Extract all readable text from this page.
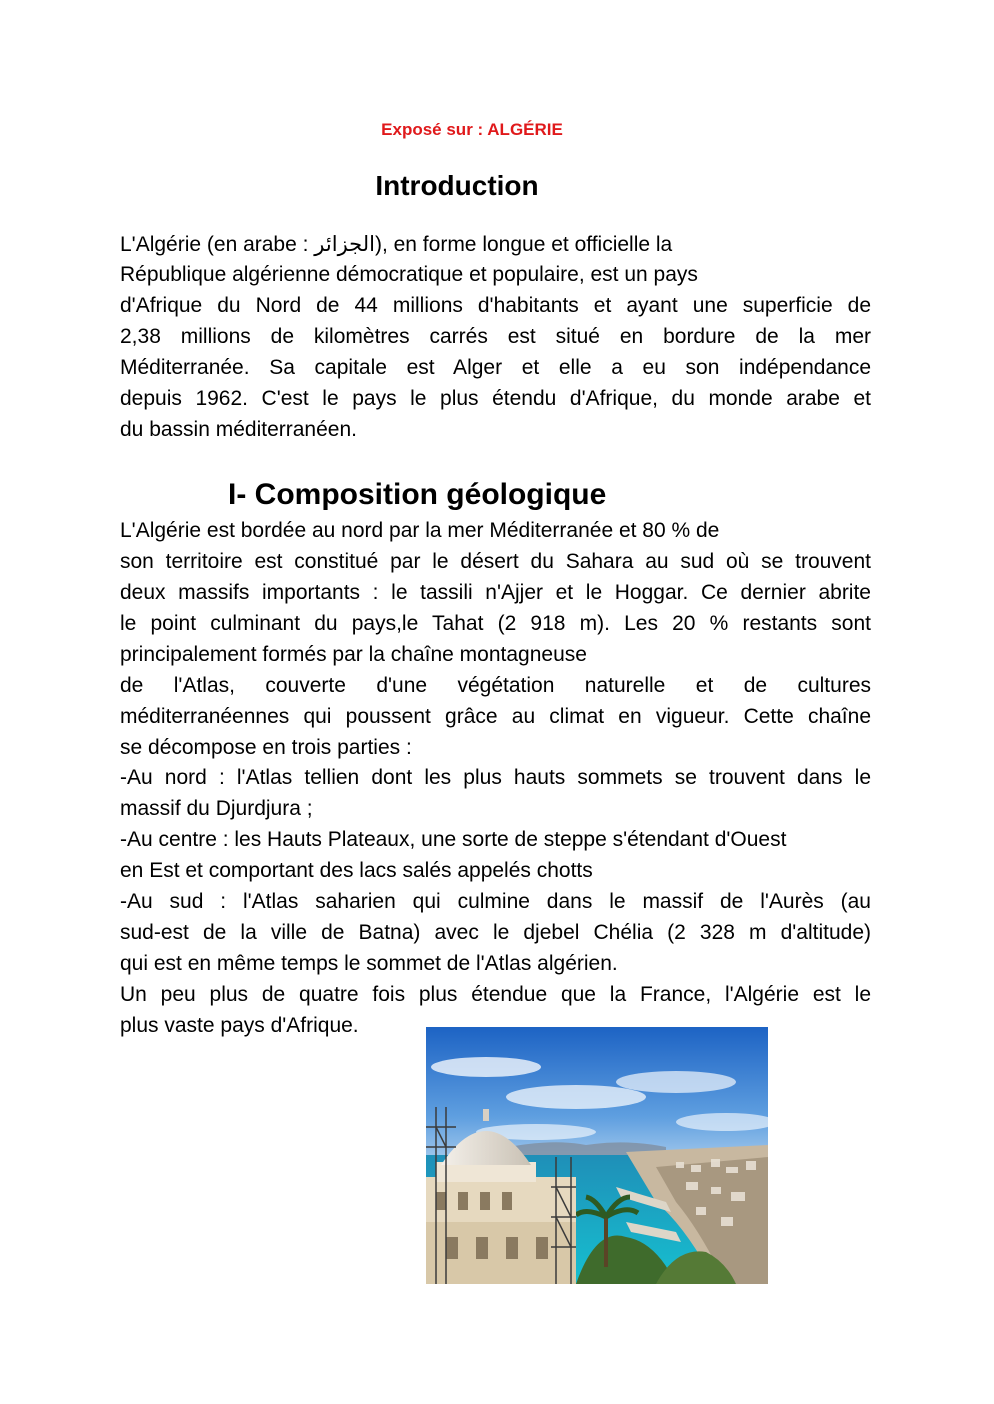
Exposé sur : ALGÉRIE
Introduction
L'Algérie (en arabe : الجزائر), en forme longue et officielle la
République algérienne démocratique et populaire, est un pays
d'Afrique du Nord de 44 millions d'habitants et ayant une superficie de
2,38 millions de kilomètres carrés est situé en bordure de la mer
Méditerranée. Sa capitale est Alger et elle a eu son indépendance
depuis 1962. C'est le pays le plus étendu d'Afrique, du monde arabe et
du bassin méditerranéen.
I- Composition géologique
L'Algérie est bordée au nord par la mer Méditerranée et 80 % de
son territoire est constitué par le désert du Sahara au sud où se trouvent
deux massifs importants : le tassili n'Ajjer et le Hoggar. Ce dernier abrite
le point culminant du pays,le Tahat (2 918 m). Les 20 % restants sont
principalement formés par la chaîne montagneuse
de l'Atlas, couverte d'une végétation naturelle et de cultures
méditerranéennes qui poussent grâce au climat en vigueur. Cette chaîne
se décompose en trois parties :
-Au nord : l'Atlas tellien dont les plus hauts sommets se trouvent dans le
massif du Djurdjura ;
-Au centre : les Hauts Plateaux, une sorte de steppe s'étendant d'Ouest
en Est et comportant des lacs salés appelés chotts
-Au sud : l'Atlas saharien qui culmine dans le massif de l'Aurès (au
sud-est de la ville de Batna) avec le djebel Chélia (2 328 m d'altitude)
qui est en même temps le sommet de l'Atlas algérien.
Un peu plus de quatre fois plus étendue que la France, l'Algérie est le
plus vaste pays d'Afrique.
